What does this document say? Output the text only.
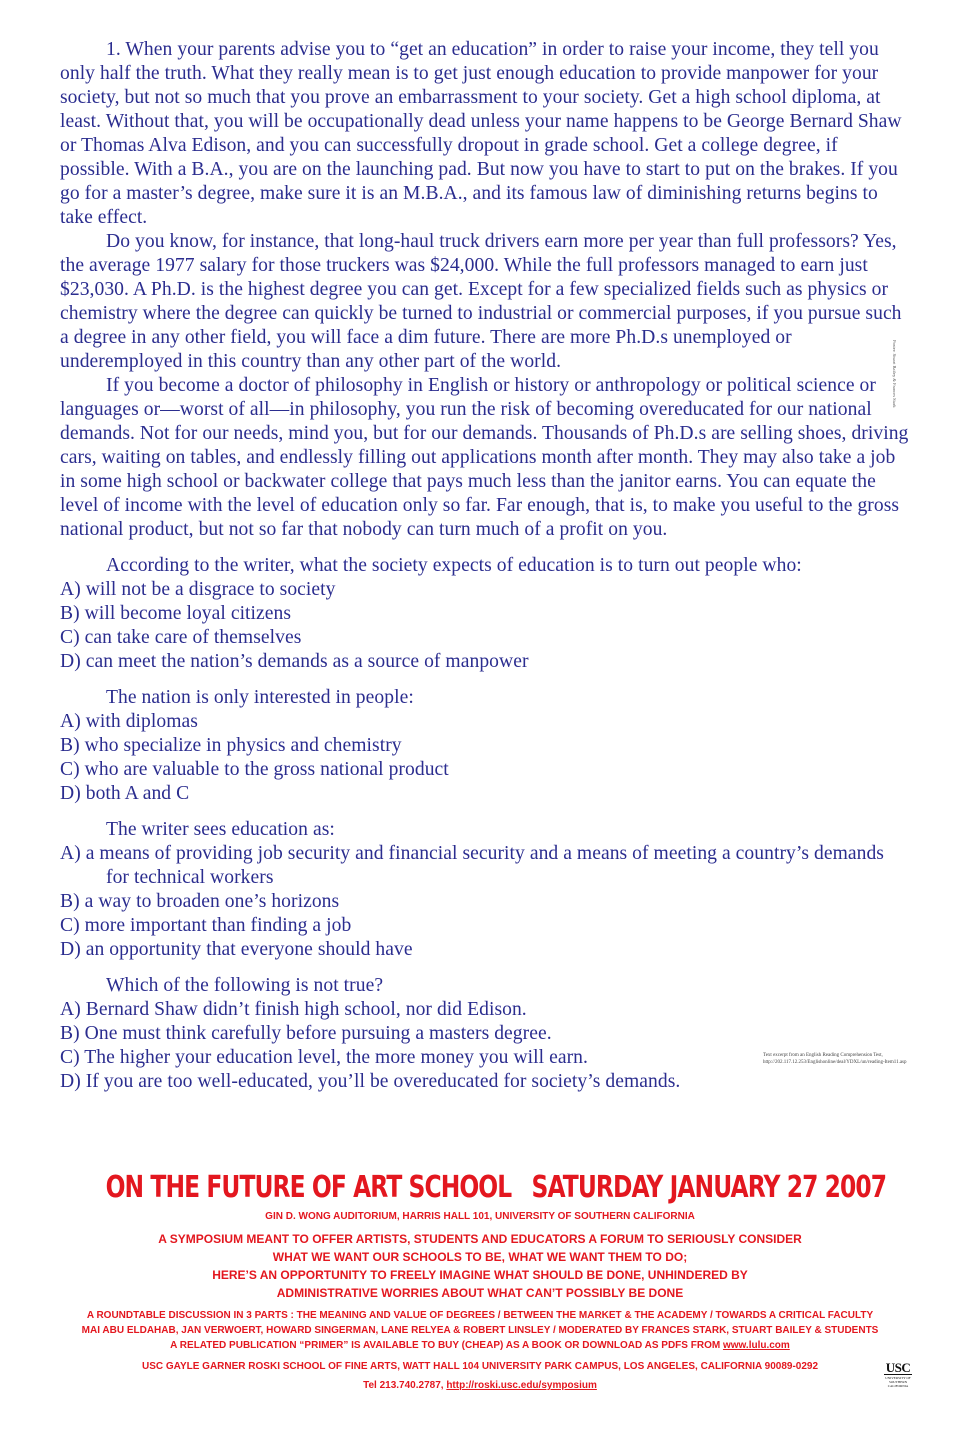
1. When your parents advise you to “get an education” in order to raise your income, they tell you only half the truth. What they really mean is to get just enough education to provide manpower for your society, but not so much that you prove an embarrassment to your society. Get a high school diploma, at least. Without that, you will be occupationally dead unless your name happens to be George Bernard Shaw or Thomas Alva Edison, and you can successfully dropout in grade school. Get a college degree, if possible. With a B.A., you are on the launching pad. But now you have to start to put on the brakes. If you go for a master’s degree, make sure it is an M.B.A., and its famous law of diminishing returns begins to take effect.

Do you know, for instance, that long-haul truck drivers earn more per year than full professors? Yes, the average 1977 salary for those truckers was $24,000. While the full professors managed to earn just $23,030. A Ph.D. is the highest degree you can get. Except for a few specialized fields such as physics or chemistry where the degree can quickly be turned to industrial or commercial purposes, if you pursue such a degree in any other field, you will face a dim future. There are more Ph.D.s unemployed or underemployed in this country than any other part of the world.

If you become a doctor of philosophy in English or history or anthropology or political science or languages or—worst of all—in philosophy, you run the risk of becoming overeducated for our national demands. Not for our needs, mind you, but for our demands. Thousands of Ph.D.s are selling shoes, driving cars, waiting on tables, and endlessly filling out applications month after month. They may also take a job in some high school or backwater college that pays much less than the janitor earns. You can equate the level of income with the level of education only so far. Far enough, that is, to make you useful to the gross national product, but not so far that nobody can turn much of a profit on you.

According to the writer, what the society expects of education is to turn out people who:

A) will not be a disgrace to society
B) will become loyal citizens
C) can take care of themselves
D) can meet the nation’s demands as a source of manpower

The nation is only interested in people:

A) with diplomas
B) who specialize in physics and chemistry
C) who are valuable to the gross national product
D) both A and C

The writer sees education as:

A) a means of providing job security and financial security and a means of meeting a country’s demands for technical workers
B) a way to broaden one’s horizons
C) more important than finding a job
D) an opportunity that everyone should have

Which of the following is not true?

A) Bernard Shaw didn’t finish high school, nor did Edison.
B) One must think carefully before pursuing a masters degree.
C) The higher your education level, the more money you will earn.
D) If you are too well-educated, you’ll be overeducated for society’s demands.
Poster: Stuart Bailey & Frances Stark
Text excerpt from an English Reading Comprehension Test, http://202.117.12.253/Englishonline/deal/YDXL/un/reading-Item11.asp
ON THE FUTURE OF ART SCHOOL SATURDAY JANUARY 27 2007
GIN D. WONG AUDITORIUM, HARRIS HALL 101, UNIVERSITY OF SOUTHERN CALIFORNIA
A SYMPOSIUM MEANT TO OFFER ARTISTS, STUDENTS AND EDUCATORS A FORUM TO SERIOUSLY CONSIDER
WHAT WE WANT OUR SCHOOLS TO BE, WHAT WE WANT THEM TO DO;
HERE’S AN OPPORTUNITY TO FREELY IMAGINE WHAT SHOULD BE DONE, UNHINDERED BY
ADMINISTRATIVE WORRIES ABOUT WHAT CAN’T POSSIBLY BE DONE
A ROUNDTABLE DISCUSSION IN 3 PARTS : THE MEANING AND VALUE OF DEGREES / BETWEEN THE MARKET & THE ACADEMY / TOWARDS A CRITICAL FACULTY
MAI ABU ELDAHAB, JAN VERWOERT, HOWARD SINGERMAN, LANE RELYEA & ROBERT LINSLEY / MODERATED BY FRANCES STARK, STUART BAILEY & STUDENTS
A RELATED PUBLICATION “PRIMER” IS AVAILABLE TO BUY (CHEAP) AS A BOOK OR DOWNLOAD AS PDFS FROM www.lulu.com
USC GAYLE GARNER ROSKI SCHOOL OF FINE ARTS, WATT HALL 104 UNIVERSITY PARK CAMPUS, LOS ANGELES, CALIFORNIA 90089-0292
Tel 213.740.2787, http://roski.usc.edu/symposium
USC
UNIVERSITY OF SOUTHERN CALIFORNIA
